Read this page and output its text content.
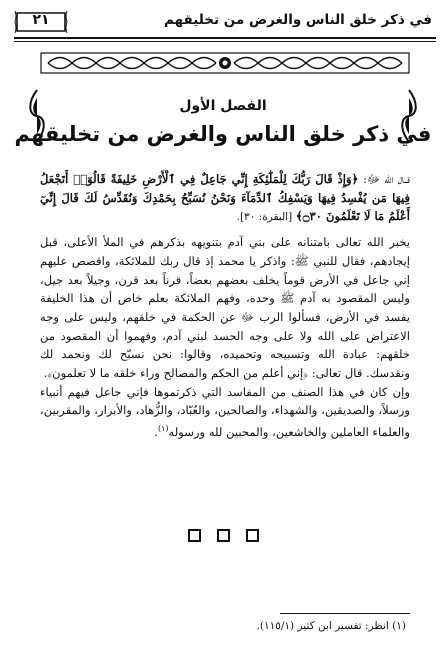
في ذكر خلق الناس والغرض من تخليقهم
٢١
الفصل الأول
في ذكر خلق الناس والغرض من تخليقهم

قــال الله ﷻ: ﴿وَإِذْ قَالَ رَبُّكَ لِلْمَلَٰٓئِكَةِ إِنِّي جَاعِلٌ فِي ٱلْأَرْضِ خَلِيفَةً قَالُوٓا۟ أَتَجْعَلُ فِيهَا مَن يُفْسِدُ فِيهَا وَيَسْفِكُ ٱلدِّمَآءَ وَنَحْنُ نُسَبِّحُ بِحَمْدِكَ وَنُقَدِّسُ لَكَ قَالَ إِنِّيٓ أَعْلَمُ مَا لَا تَعْلَمُونَ ۝٣٠﴾ [البقرة: ٣٠].

يخبر الله تعالى بامتنانه على بني آدم بتنويهه بذكرهم في الملأ الأعلى، قبل إيجادهم، فقال للنبي ﷺ: واذكر يا محمد إذ قال ربك للملائكة، واقصص عليهم إني جاعل في الأرض قوماً يخلف بعضهم بعضاً، قرناً بعد قرن، وجيلاً بعد جيل، وليس المقصود به آدم ﷺ وحده، وفهم الملائكة بعلم خاص أن هذا الخليفة يفسد في الأرض، فسألوا الرب ﷻ عن الحكمة في خلقهم، وليس على وجه الاعتراض على الله ولا على وجه الحسد لبني آدم، وفهموا أن المقصود من خلقهم: عبادة الله وتسبيحه وتحميده، وقالوا: نحن نسبّح لك ونحمد لك ونقدسك. قال تعالى: ﴿إني أعلم من الحكم والمصالح وراء خلقه ما لا تعلمون﴾.

وإن كان في هذا الصنف من المفاسد التي ذكرتموها فإني جاعل فيهم أنبياء ورسلاً، والصديقين، والشهداء، والصالحين، والعُبّاد، والزُّهاد، والأبرار، والمقربين، والعلماء العاملين والخاشعين، والمحبين لله ورسوله$^{(١)}$.

(١) انظر: تفسير ابن كثير (١١٥/١).
